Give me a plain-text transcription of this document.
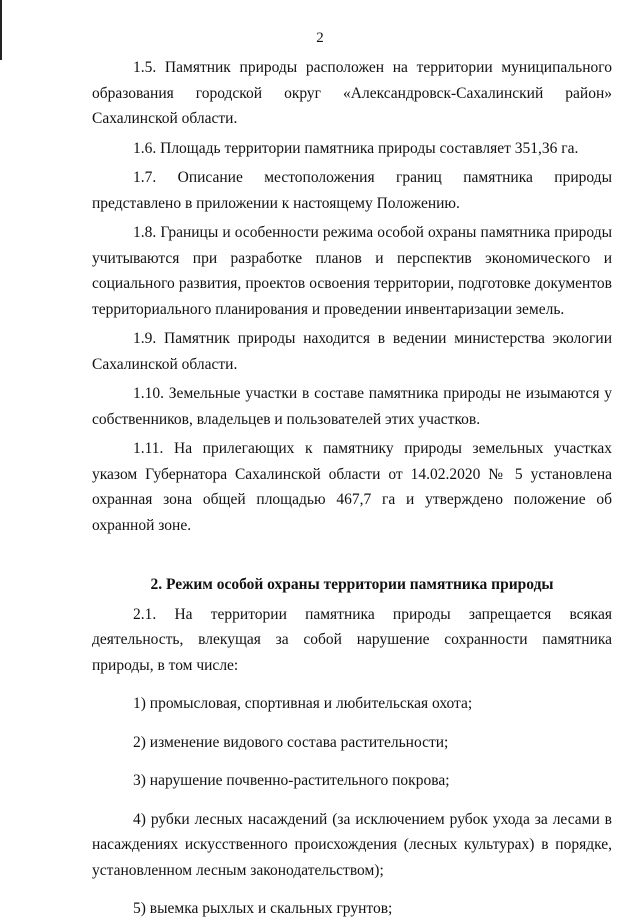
2

1.5. Памятник природы расположен на территории муниципального образования городской округ «Александровск-Сахалинский район» Сахалинской области.

1.6. Площадь территории памятника природы составляет 351,36 га.

1.7. Описание местоположения границ памятника природы представлено в приложении к настоящему Положению.

1.8. Границы и особенности режима особой охраны памятника природы учитываются при разработке планов и перспектив экономического и социального развития, проектов освоения территории, подготовке документов территориального планирования и проведении инвентаризации земель.

1.9. Памятник природы находится в ведении министерства экологии Сахалинской области.

1.10. Земельные участки в составе памятника природы не изымаются у собственников, владельцев и пользователей этих участков.

1.11. На прилегающих к памятнику природы земельных участках указом Губернатора Сахалинской области от 14.02.2020 № 5 установлена охранная зона общей площадью 467,7 га и утверждено положение об охранной зоне.

2. Режим особой охраны территории памятника природы

2.1. На территории памятника природы запрещается всякая деятельность, влекущая за собой нарушение сохранности памятника природы, в том числе:

1) промысловая, спортивная и любительская охота;

2) изменение видового состава растительности;

3) нарушение почвенно-растительного покрова;

4) рубки лесных насаждений (за исключением рубок ухода за лесами в насаждениях искусственного происхождения (лесных культурах) в порядке, установленном лесным законодательством);

5) выемка рыхлых и скальных грунтов;
